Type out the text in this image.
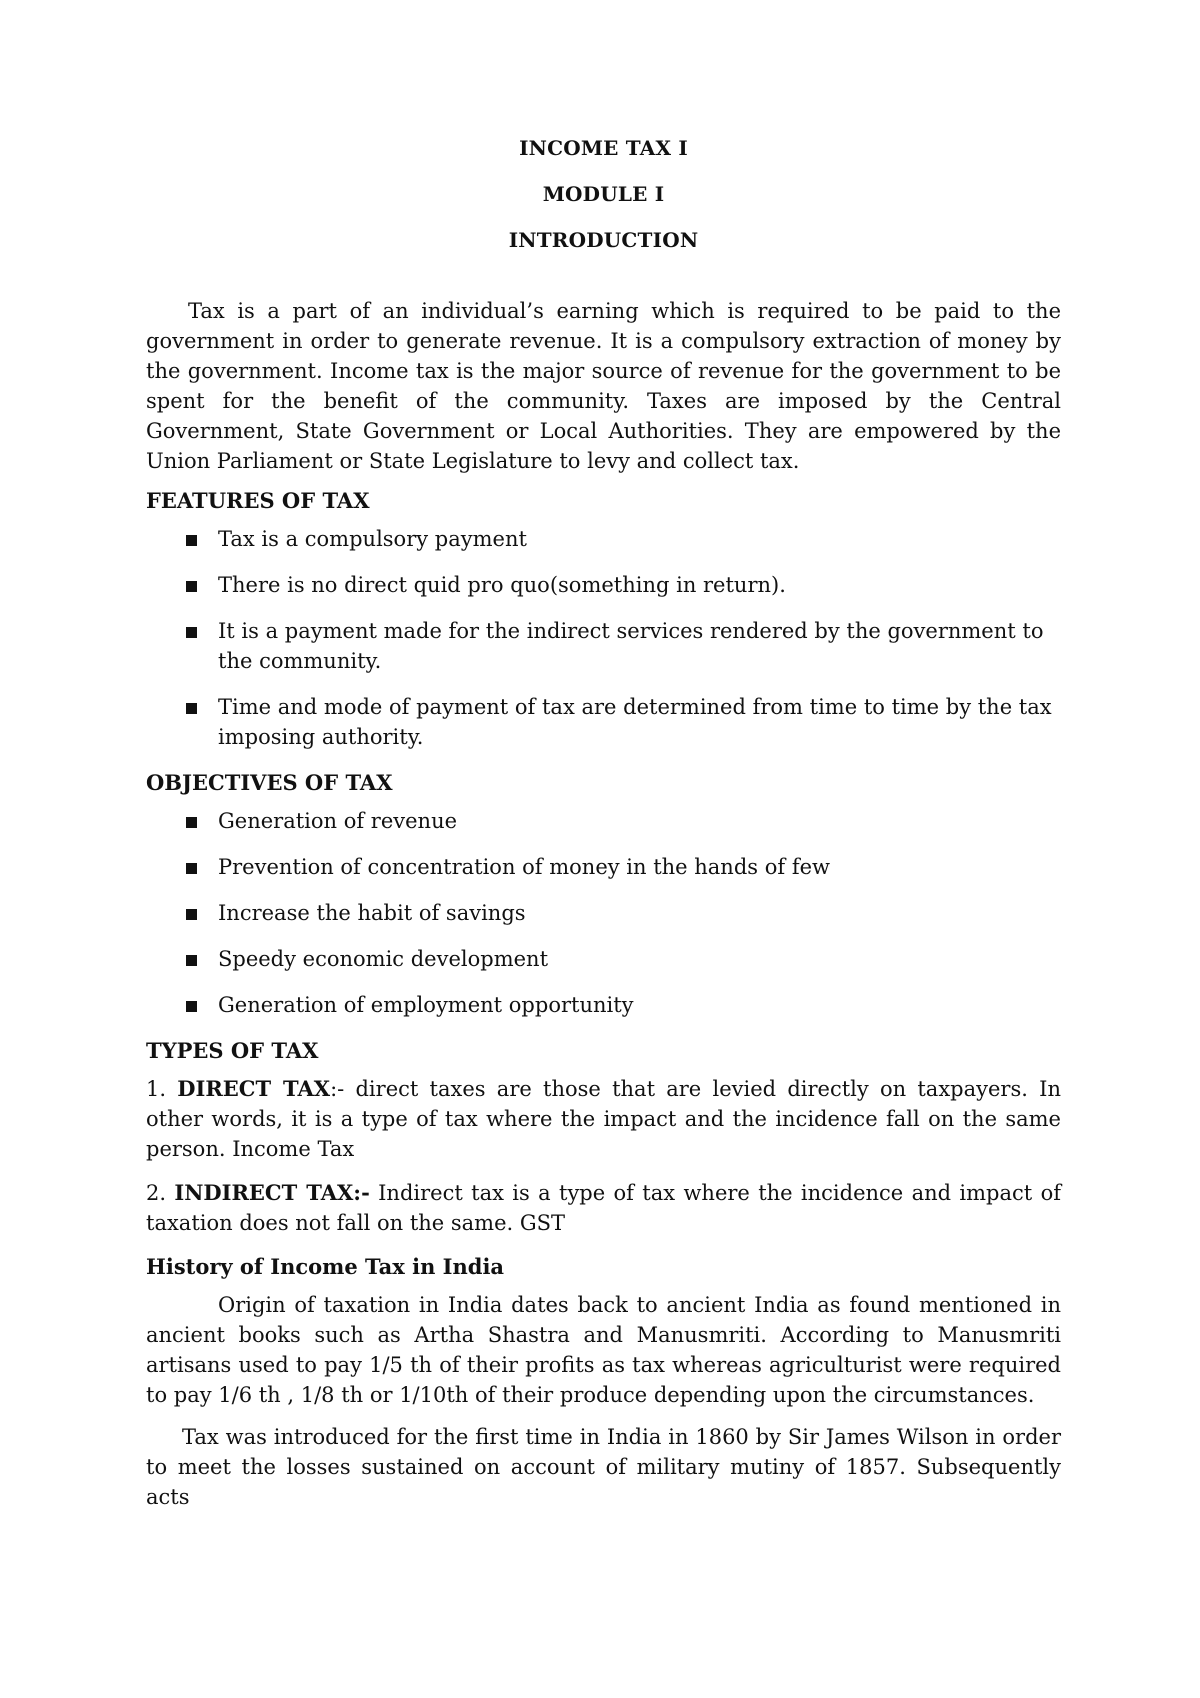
INCOME TAX I
MODULE I
INTRODUCTION

Tax is a part of an individual’s earning which is required to be paid to the government in order to generate revenue. It is a compulsory extraction of money by the government. Income tax is the major source of revenue for the government to be spent for the benefit of the community. Taxes are imposed by the Central Government, State Government or Local Authorities. They are empowered by the Union Parliament or State Legislature to levy and collect tax.

FEATURES OF TAX
Tax is a compulsory payment
There is no direct quid pro quo(something in return).
It is a payment made for the indirect services rendered by the government to the community.
Time and mode of payment of tax are determined from time to time by the tax imposing authority.
OBJECTIVES OF TAX
Generation of revenue
Prevention of concentration of money in the hands of few
Increase the habit of savings
Speedy economic development
Generation of employment opportunity
TYPES OF TAX

1. DIRECT TAX:- direct taxes are those that are levied directly on taxpayers. In other words, it is a type of tax where the impact and the incidence fall on the same person. Income Tax

2. INDIRECT TAX:- Indirect tax is a type of tax where the incidence and impact of taxation does not fall on the same. GST

History of Income Tax in India

Origin of taxation in India dates back to ancient India as found mentioned in ancient books such as Artha Shastra and Manusmriti. According to Manusmriti artisans used to pay 1/5 th of their profits as tax whereas agriculturist were required to pay 1/6 th , 1/8 th or 1/10th of their produce depending upon the circumstances.

Tax was introduced for the first time in India in 1860 by Sir James Wilson in order to meet the losses sustained on account of military mutiny of 1857. Subsequently acts
